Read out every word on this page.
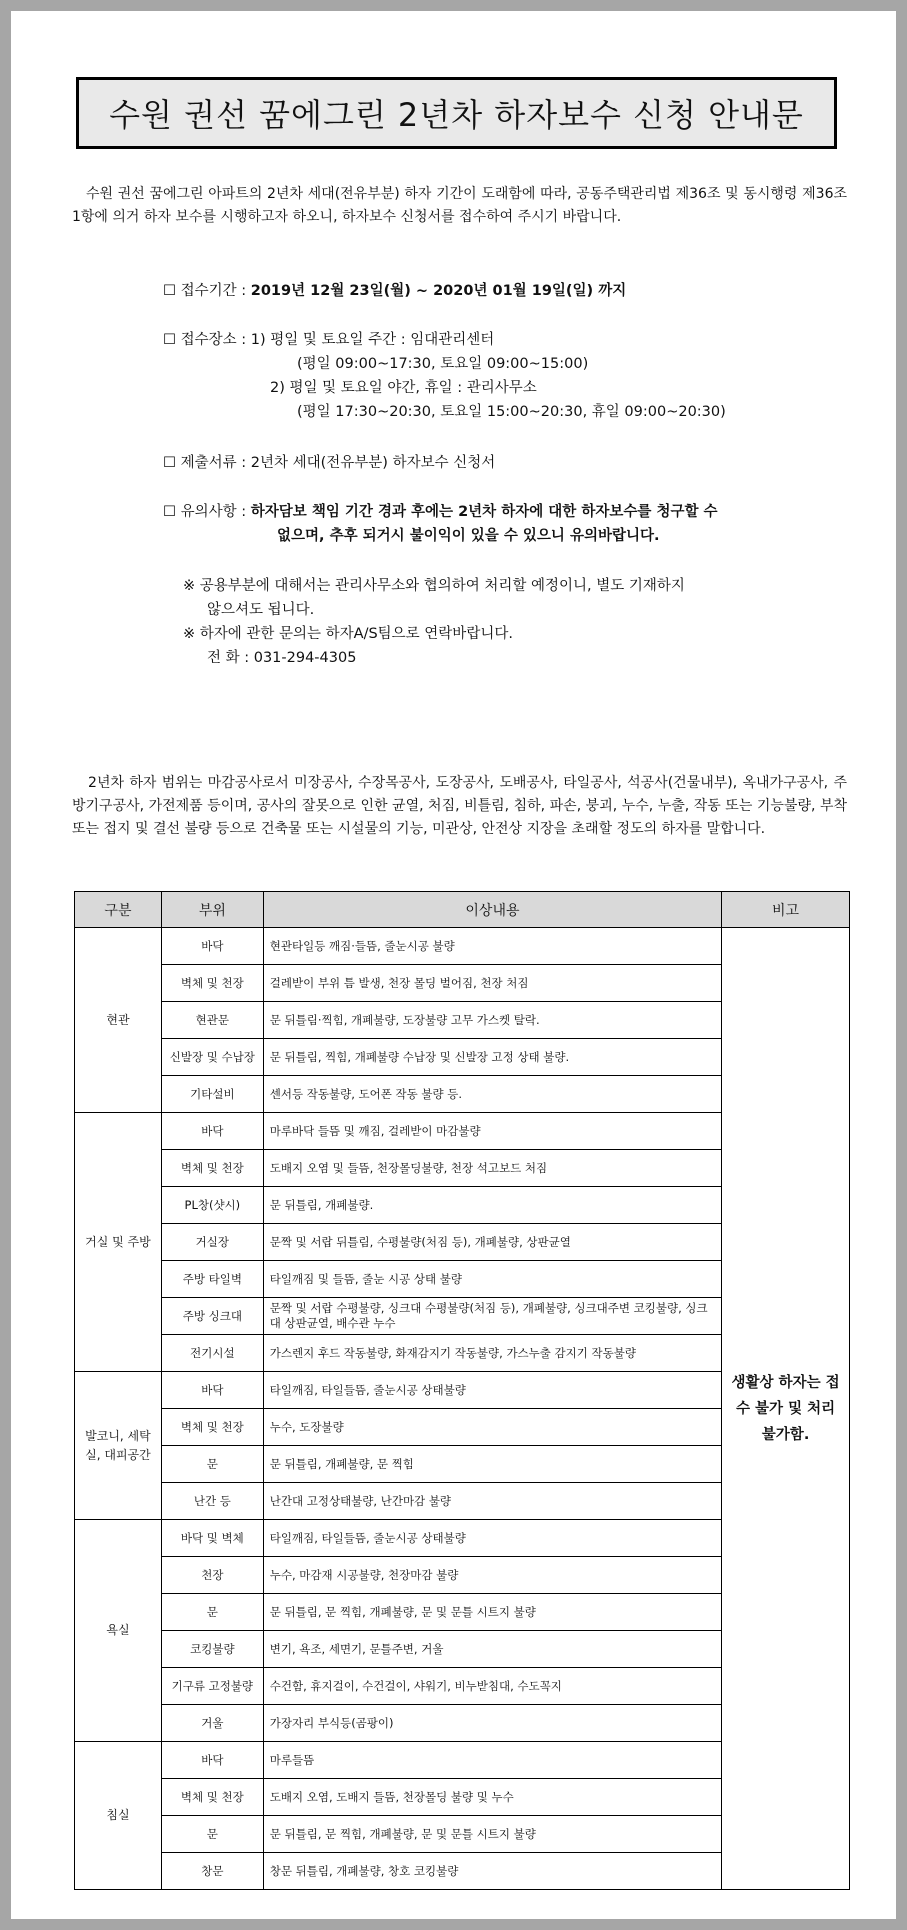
수원 권선 꿈에그린 2년차 하자보수 신청 안내문
수원 권선 꿈에그린 아파트의 2년차 세대(전유부분) 하자 기간이 도래함에 따라, 공동주택관리법 제36조 및 동시행령 제36조 1항에 의거 하자 보수를 시행하고자 하오니, 하자보수 신청서를 접수하여 주시기 바랍니다.
☐ 접수기간 : 2019년 12월 23일(월) ~ 2020년 01월 19일(일) 까지
☐ 접수장소 : 1) 평일 및 토요일 주간 : 임대관리센터
(평일 09:00~17:30, 토요일 09:00~15:00)
2) 평일 및 토요일 야간, 휴일 : 관리사무소
(평일 17:30~20:30, 토요일 15:00~20:30, 휴일 09:00~20:30)
☐ 제출서류 : 2년차 세대(전유부분) 하자보수 신청서
☐ 유의사항 : 하자담보 책임 기간 경과 후에는 2년차 하자에 대한 하자보수를 청구할 수
없으며, 추후 되거시 불이익이 있을 수 있으니 유의바랍니다.
※ 공용부분에 대해서는 관리사무소와 협의하여 처리할 예정이니, 별도 기재하지
않으셔도 됩니다.
※ 하자에 관한 문의는 하자A/S팀으로 연락바랍니다.
전 화 : 031-294-4305
2년차 하자 범위는 마감공사로서 미장공사, 수장목공사, 도장공사, 도배공사, 타일공사, 석공사(건물내부), 옥내가구공사, 주방기구공사, 가전제품 등이며, 공사의 잘못으로 인한 균열, 처짐, 비틀림, 침하, 파손, 붕괴, 누수, 누출, 작동 또는 기능불량, 부착 또는 접지 및 결선 불량 등으로 건축물 또는 시설물의 기능, 미관상, 안전상 지장을 초래할 정도의 하자를 말합니다.
구분	부위	이상내용	비고
현관	바닥	현관타일등 깨짐·들뜸, 줄눈시공 불량	생활상 하자는 접수 불가 및 처리 불가함.
	벽체 및 천장	걸레받이 부위 틈 발생, 천장 몰딩 벌어짐, 천장 처짐	
	현관문	문 뒤틀림·찍힘, 개폐불량, 도장불량 고무 가스켓 탈락.	
	신발장 및 수납장	문 뒤틀림, 찍힘, 개폐불량 수납장 및 신발장 고정 상태 불량.	
	기타설비	센서등 작동불량, 도어폰 작동 불량 등.	
거실 및 주방	바닥	마루바닥 들뜸 및 깨짐, 걸레받이 마감불량	
	벽체 및 천장	도배지 오염 및 들뜸, 천장몰딩불량, 천장 석고보드 처짐	
	PL창(샷시)	문 뒤틀림, 개폐불량.	
	거실장	문짝 및 서랍 뒤틀림, 수평불량(처짐 등), 개폐불량, 상판균열	
	주방 타일벽	타일깨짐 및 들뜸, 줄눈 시공 상태 불량	
	주방 싱크대	문짝 및 서랍 수평불량, 싱크대 수평불량(처짐 등), 개폐불량, 싱크대주변 코킹불량, 싱크대 상판균열, 배수관 누수	
	전기시설	가스렌지 후드 작동불량, 화재감지기 작동불량, 가스누출 감지기 작동불량	
발코니, 세탁실, 대피공간	바닥	타일깨짐, 타일들뜸, 줄눈시공 상태불량	
	벽체 및 천장	누수, 도장불량	
	문	문 뒤틀림, 개폐불량, 문 찍힘	
	난간 등	난간대 고정상태불량, 난간마감 불량	
욕실	바닥 및 벽체	타일깨짐, 타일들뜸, 줄눈시공 상태불량	
	천장	누수, 마감재 시공불량, 천장마감 불량	
	문	문 뒤틀림, 문 찍힘, 개폐불량, 문 및 문틀 시트지 불량	
	코킹불량	변기, 욕조, 세면기, 문틀주변, 거울	
	기구류 고정불량	수건함, 휴지걸이, 수건걸이, 샤워기, 비누받침대, 수도꼭지	
	거울	가장자리 부식등(곰팡이)	
침실	바닥	마루들뜸	
	벽체 및 천장	도배지 오염, 도배지 들뜸, 천장몰딩 불량 및 누수	
	문	문 뒤틀림, 문 찍힘, 개폐불량, 문 및 문틀 시트지 불량	
	창문	창문 뒤틀림, 개폐불량, 창호 코킹불량	
